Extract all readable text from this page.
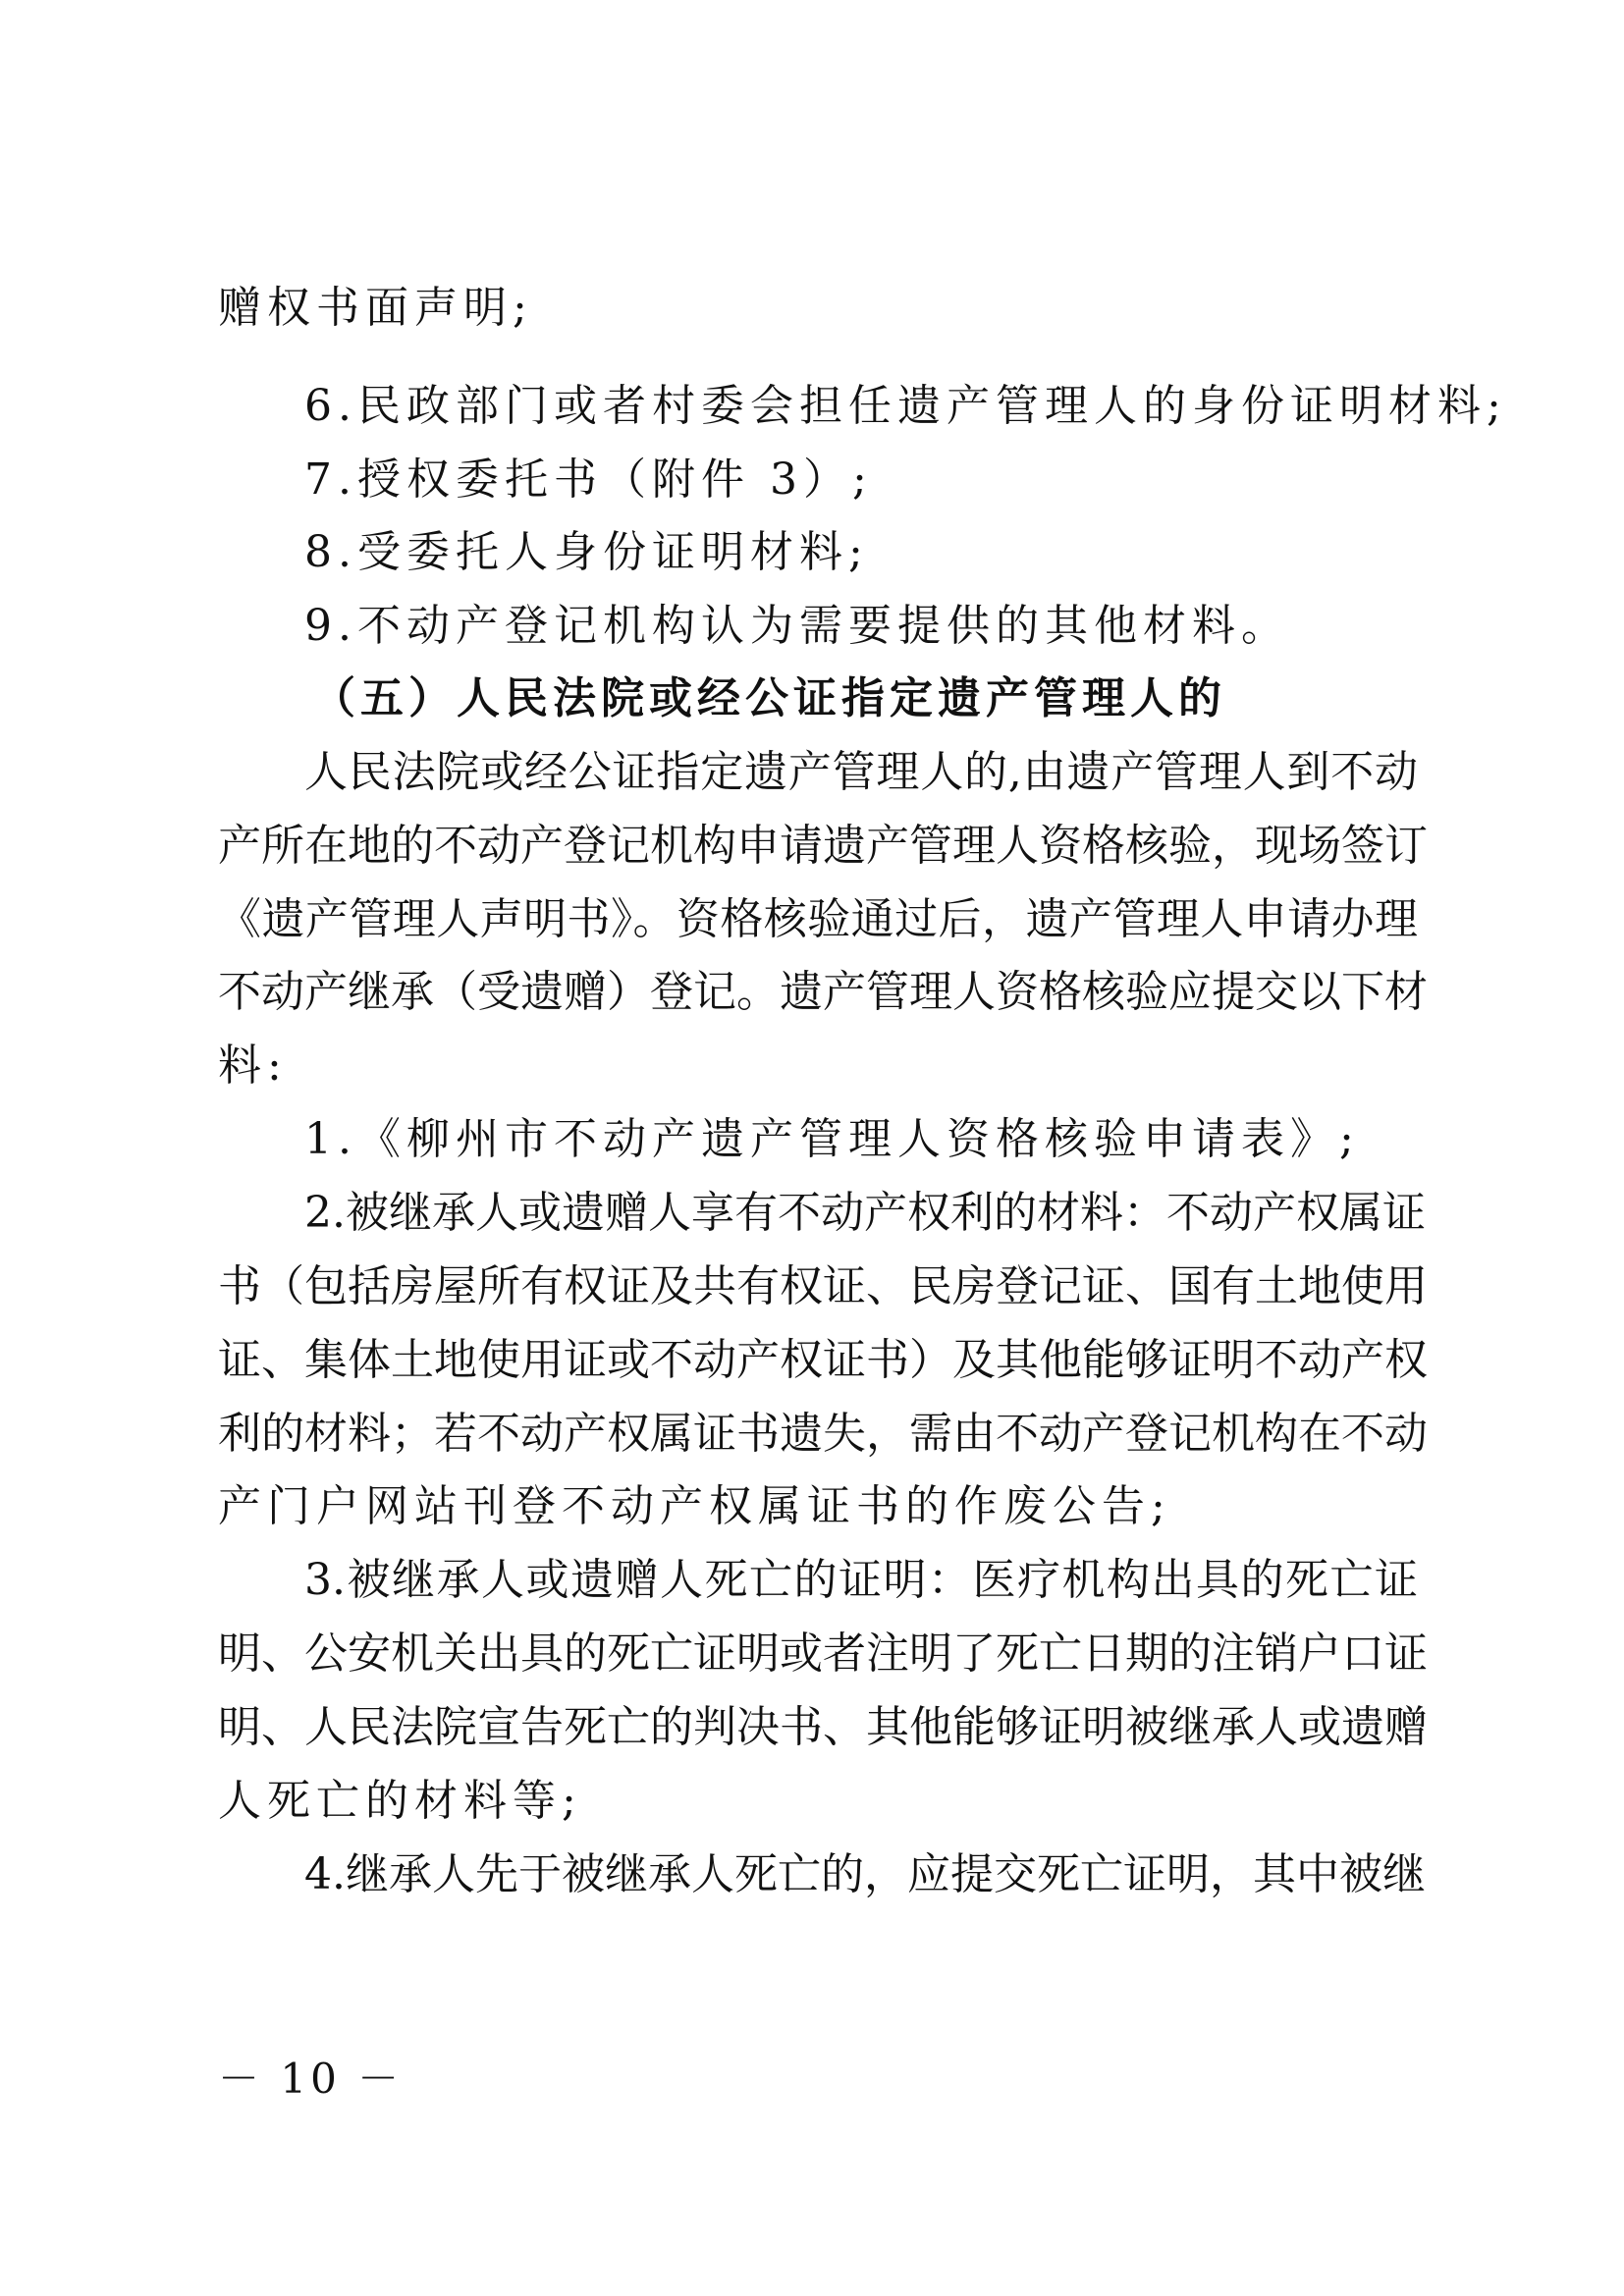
赠权书面声明;
6.民政部门或者村委会担任遗产管理人的身份证明材料;
7.授权委托书（附件 3）;
8.受委托人身份证明材料;
9.不动产登记机构认为需要提供的其他材料。
（五）人民法院或经公证指定遗产管理人的
人民法院或经公证指定遗产管理人的,由遗产管理人到不动
产所在地的不动产登记机构申请遗产管理人资格核验，现场签订
《遗产管理人声明书》。资格核验通过后，遗产管理人申请办理
不动产继承（受遗赠）登记。遗产管理人资格核验应提交以下材
料:
1.《柳州市不动产遗产管理人资格核验申请表》;
2.被继承人或遗赠人享有不动产权利的材料：不动产权属证
书（包括房屋所有权证及共有权证、民房登记证、国有土地使用
证、集体土地使用证或不动产权证书）及其他能够证明不动产权
利的材料；若不动产权属证书遗失，需由不动产登记机构在不动
产门户网站刊登不动产权属证书的作废公告;
3.被继承人或遗赠人死亡的证明：医疗机构出具的死亡证
明、公安机关出具的死亡证明或者注明了死亡日期的注销户口证
明、人民法院宣告死亡的判决书、其他能够证明被继承人或遗赠
人死亡的材料等;
4.继承人先于被继承人死亡的，应提交死亡证明，其中被继
－ 10 －
